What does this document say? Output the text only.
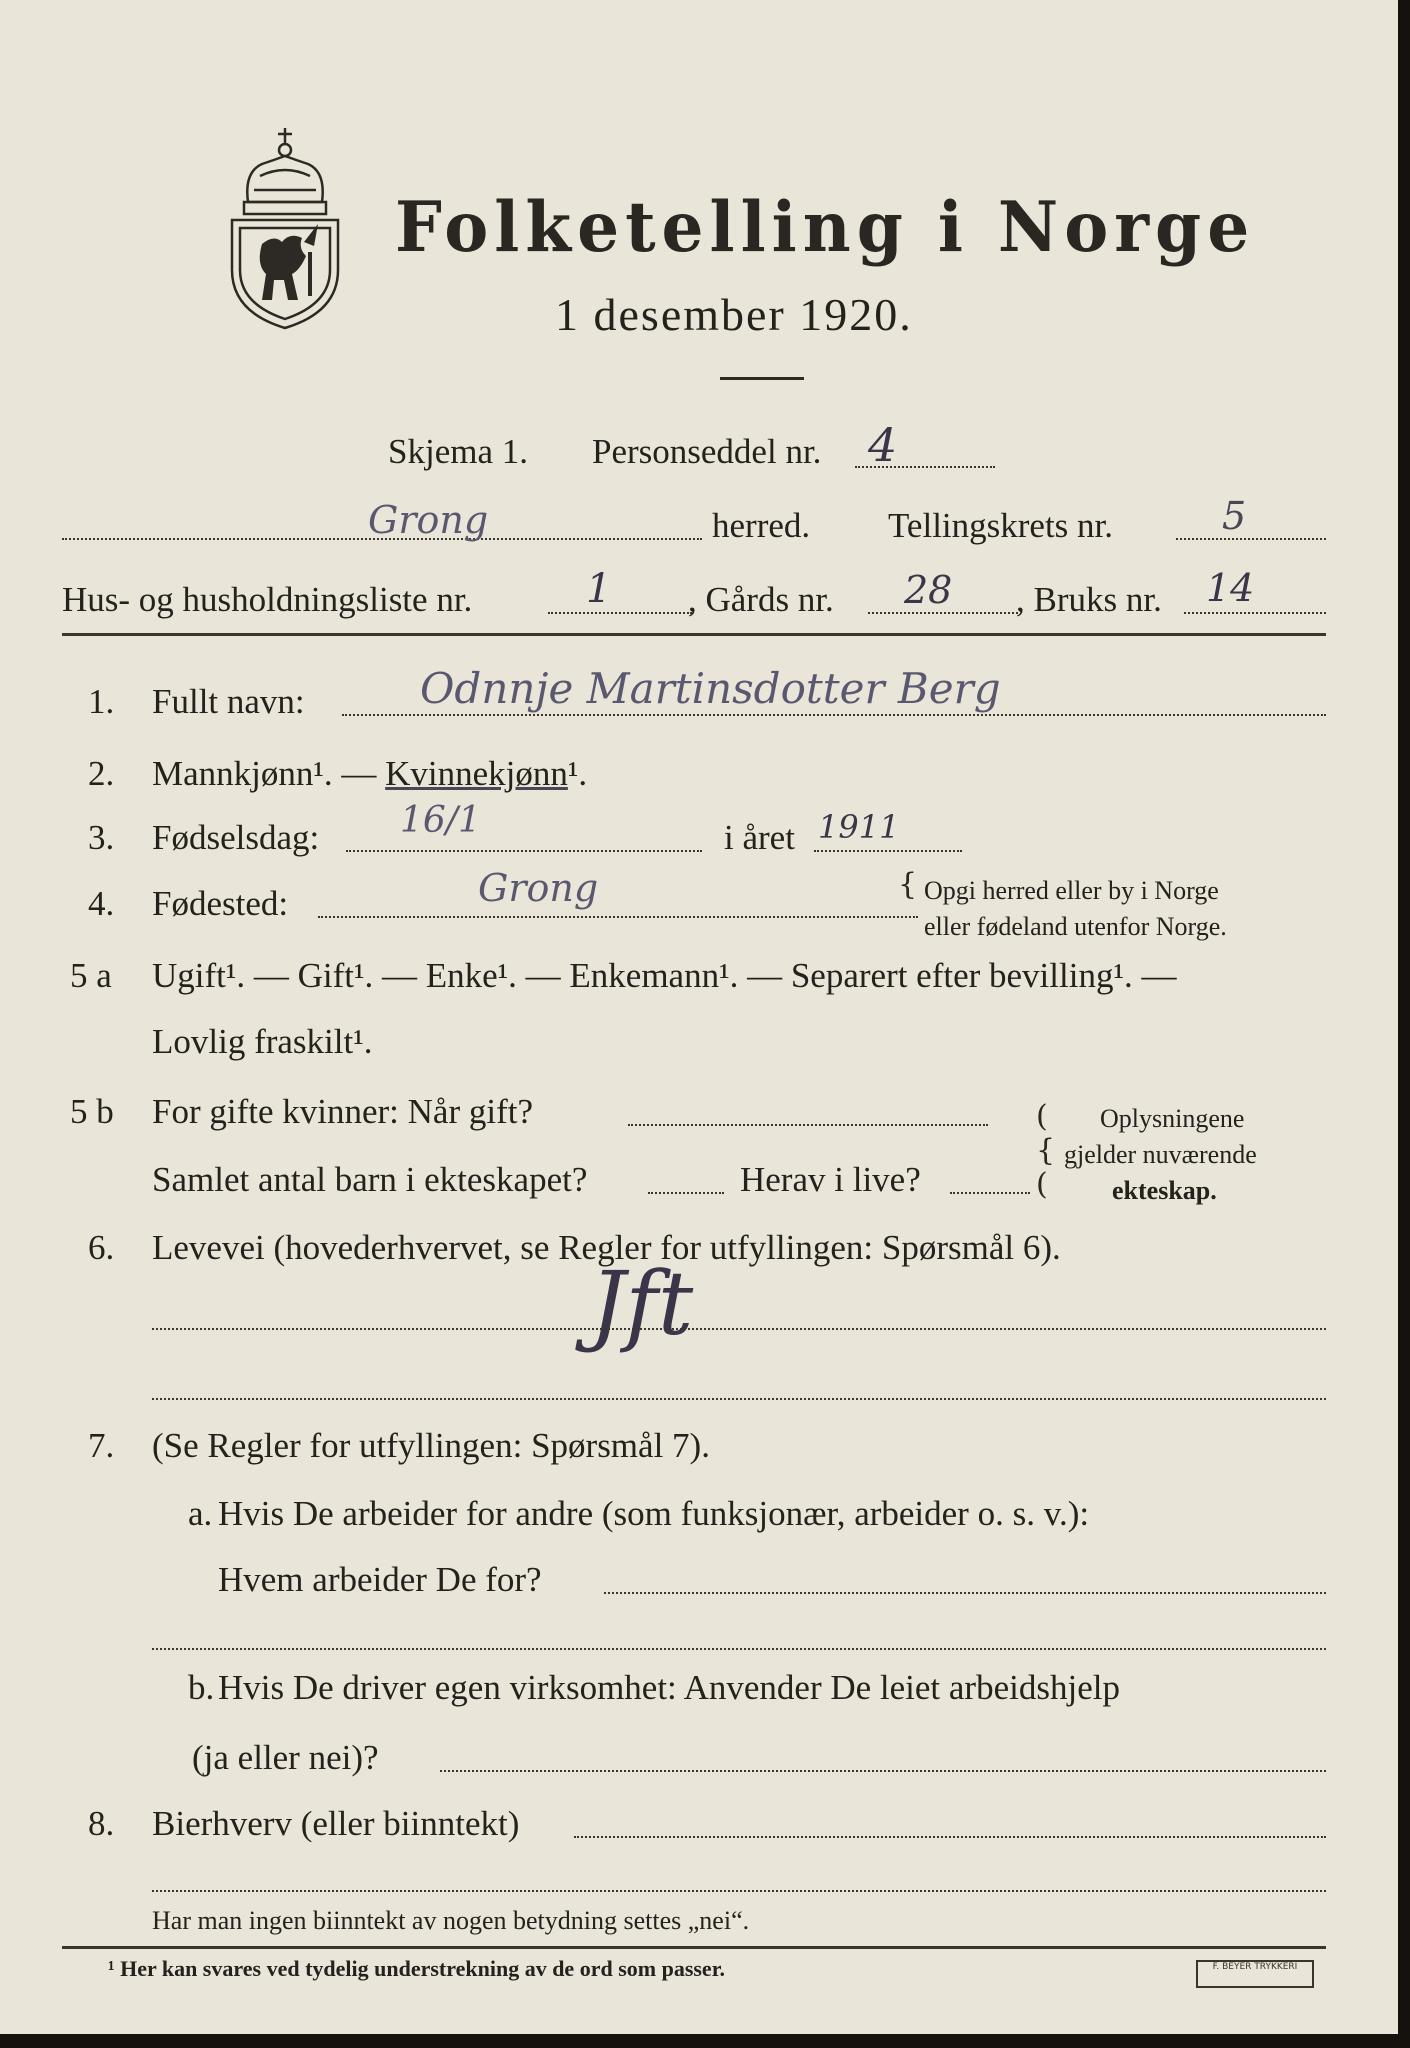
Folketelling i Norge
1 desember 1920.
Skjema 1. Personseddel nr. 4
Grong	herred. Tellingskrets nr.	5
Hus- og husholdningsliste nr.	1 , Gårds nr. 28 , Bruks nr. 14
1. Fullt navn:	Odnnje Martinsdotter Berg
2. Mannkjønn¹. — Kvinnekjønn¹.
3. Fødselsdag: 16/1	i året 1911
4. Fødested:	Grong	{ Opgi herred eller by i Norge
eller fødeland utenfor Norge.
5 a Ugift¹. — Gift¹. — Enke¹. — Enkemann¹. — Separert efter bevilling¹. —
Lovlig fraskilt¹.
5 b For gifte kvinner: Når gift?
Samlet antal barn i ekteskapet?	Herav i live?
(
{
(
Oplysningene
gjelder nuværende
ekteskap.
6. Levevei (hovederhvervet, se Regler for utfyllingen: Spørsmål 6).
Jft
7. (Se Regler for utfyllingen: Spørsmål 7).
a. Hvis De arbeider for andre (som funksjonær, arbeider o. s. v.):
Hvem arbeider De for?
b. Hvis De driver egen virksomhet: Anvender De leiet arbeidshjelp
(ja eller nei)?
8. Bierhverv (eller biinntekt)
Har man ingen biinntekt av nogen betydning settes „nei“.
¹ Her kan svares ved tydelig understrekning av de ord som passer.	F. BEYER TRYKKERI
